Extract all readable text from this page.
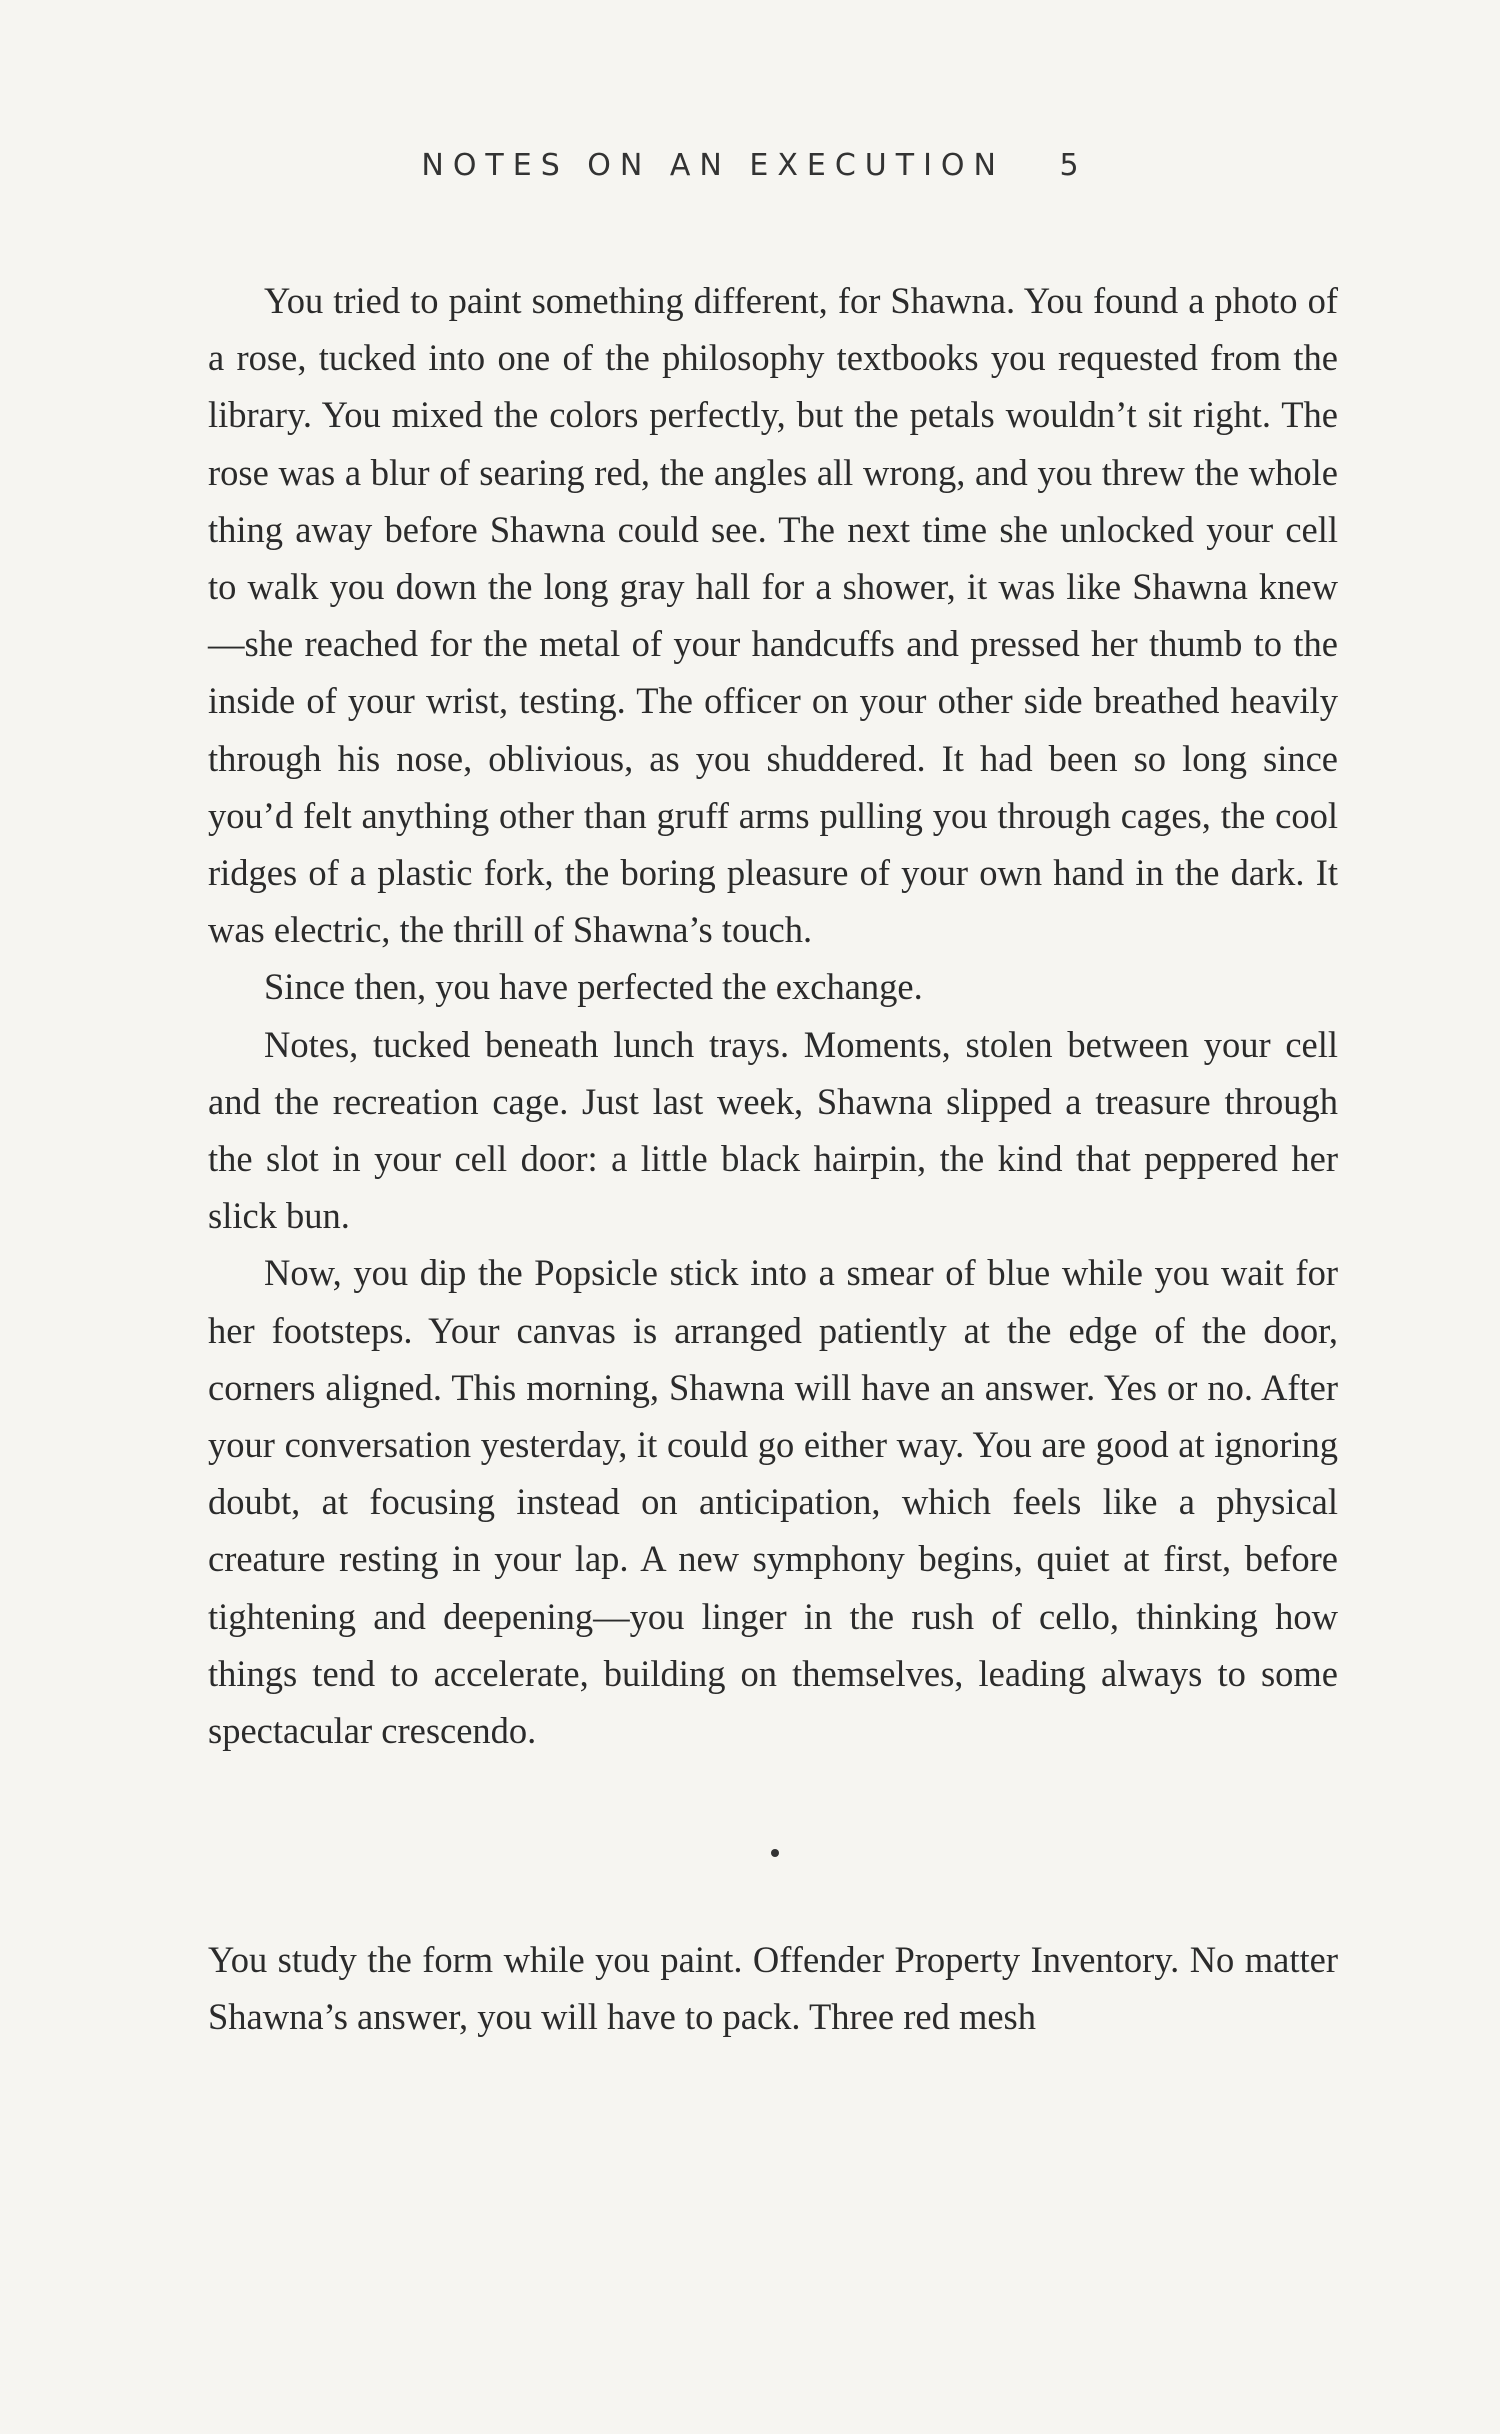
NOTES ON AN EXECUTION 5

You tried to paint something different, for Shawna. You found a photo of a rose, tucked into one of the philosophy textbooks you requested from the library. You mixed the colors perfectly, but the petals wouldn’t sit right. The rose was a blur of searing red, the angles all wrong, and you threw the whole thing away before Shawna could see. The next time she unlocked your cell to walk you down the long gray hall for a shower, it was like Shawna knew—she reached for the metal of your handcuffs and pressed her thumb to the inside of your wrist, testing. The officer on your other side breathed heavily through his nose, oblivious, as you shuddered. It had been so long since you’d felt anything other than gruff arms pulling you through cages, the cool ridges of a plastic fork, the boring pleasure of your own hand in the dark. It was electric, the thrill of Shawna’s touch.

Since then, you have perfected the exchange.

Notes, tucked beneath lunch trays. Moments, stolen between your cell and the recreation cage. Just last week, Shawna slipped a treasure through the slot in your cell door: a little black hairpin, the kind that peppered her slick bun.

Now, you dip the Popsicle stick into a smear of blue while you wait for her footsteps. Your canvas is arranged patiently at the edge of the door, corners aligned. This morning, Shawna will have an answer. Yes or no. After your conversation yesterday, it could go either way. You are good at ignoring doubt, at focusing instead on anticipation, which feels like a physical creature resting in your lap. A new symphony begins, quiet at first, before tightening and deepening—you linger in the rush of cello, thinking how things tend to accelerate, building on themselves, leading always to some spectacular crescendo.

You study the form while you paint. Offender Property Inventory. No matter Shawna’s answer, you will have to pack. Three red mesh
